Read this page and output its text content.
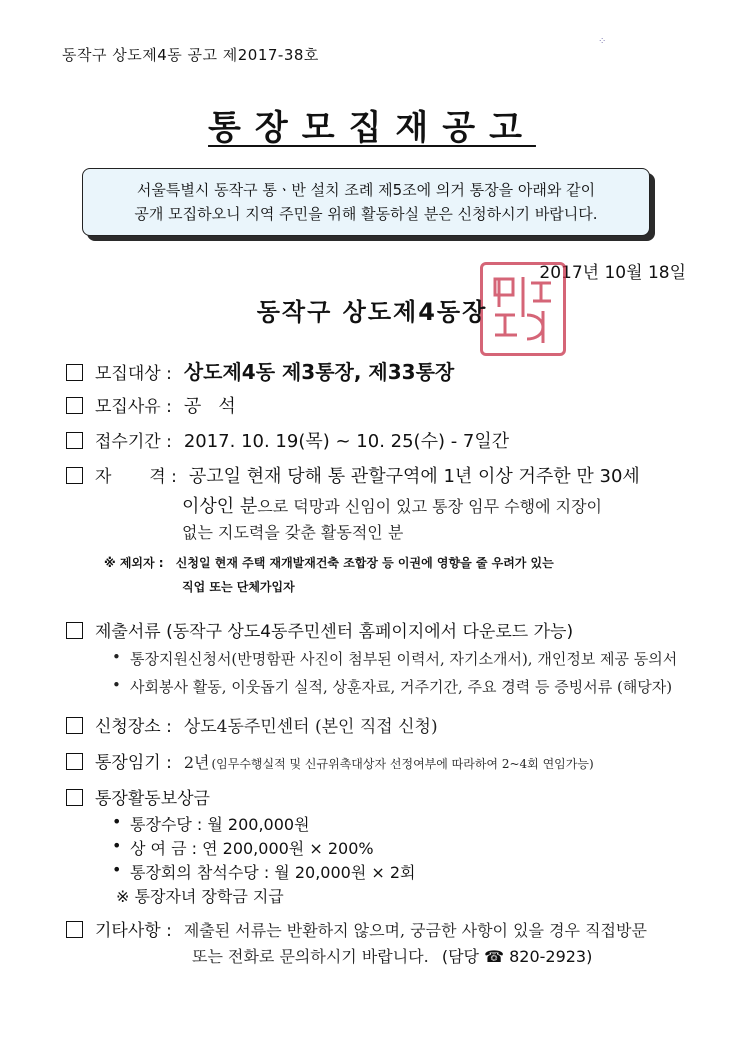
동작구 상도제4동 공고 제2017-38호
⁘
통장모집재공고
서울특별시 동작구 통ㆍ반 설치 조례 제5조에 의거 통장을 아래와 같이
공개 모집하오니 지역 주민을 위해 활동하실 분은 신청하시기 바랍니다.
2017년 10월 18일
동작구 상도제4동장
모집대상 : 상도제4동 제3통장, 제33통장
모집사유 : 공   석
접수기간 : 2017. 10. 19(목) ~ 10. 25(수) - 7일간
자       격 : 공고일 현재 당해 통 관할구역에 1년 이상 거주한 만 30세
이상인 분으로 덕망과 신임이 있고 통장 임무 수행에 지장이
없는 지도력을 갖춘 활동적인 분
※ 제외자 : 신청일 현재 주택 재개발재건축 조합장 등 이권에 영향을 줄 우려가 있는
직업 또는 단체가입자
제출서류 (동작구 상도4동주민센터 홈페이지에서 다운로드 가능)
• 통장지원신청서(반명함판 사진이 첨부된 이력서, 자기소개서), 개인정보 제공 동의서
• 사회봉사 활동, 이웃돕기 실적, 상훈자료, 거주기간, 주요 경력 등 증빙서류 (해당자)
신청장소 : 상도4동주민센터 (본인 직접 신청)
통장임기 : 2년 (임무수행실적 및 신규위촉대상자 선정여부에 따라하여 2~4회 연임가능)
통장활동보상금
• 통장수당 : 월 200,000원
• 상 여 금 : 연 200,000원 × 200%
• 통장회의 참석수당 : 월 20,000원 × 2회
※ 통장자녀 장학금 지급
기타사항 : 제출된 서류는 반환하지 않으며, 궁금한 사항이 있을 경우 직접방문
또는 전화로 문의하시기 바랍니다. (담당 ☎ 820-2923)
